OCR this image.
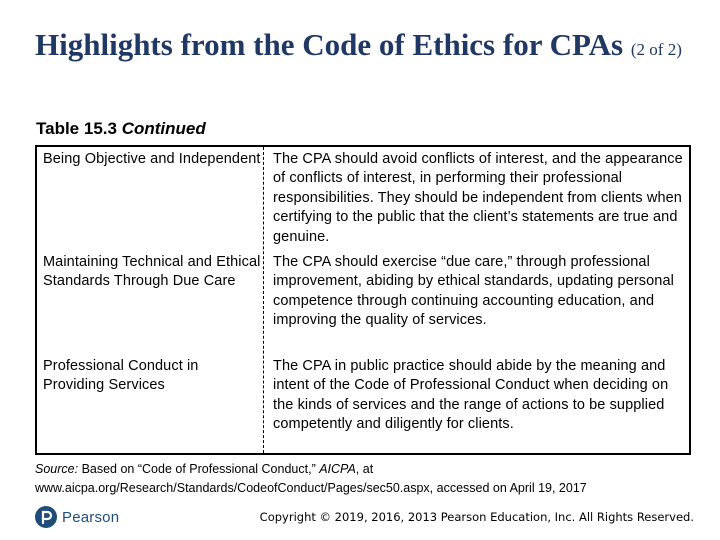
Highlights from the Code of Ethics for CPAs (2 of 2)
Table 15.3 Continued
Being Objective and Independent The CPA should avoid conflicts of interest, and the appearance of conflicts of interest, in performing their professional responsibilities. They should be independent from clients when certifying to the public that the client’s statements are true and genuine.
Maintaining Technical and Ethical Standards Through Due Care
The CPA should exercise “due care,” through professional improvement, abiding by ethical standards, updating personal competence through continuing accounting education, and improving the quality of services.
Professional Conduct in Providing Services
The CPA in public practice should abide by the meaning and intent of the Code of Professional Conduct when deciding on the kinds of services and the range of actions to be supplied competently and diligently for clients.
Source: Based on “Code of Professional Conduct,” AICPA, at www.aicpa.org/Research/Standards/CodeofConduct/Pages/sec50.aspx, accessed on April 19, 2017
Pearson	Copyright © 2019, 2016, 2013 Pearson Education, Inc. All Rights Reserved.
